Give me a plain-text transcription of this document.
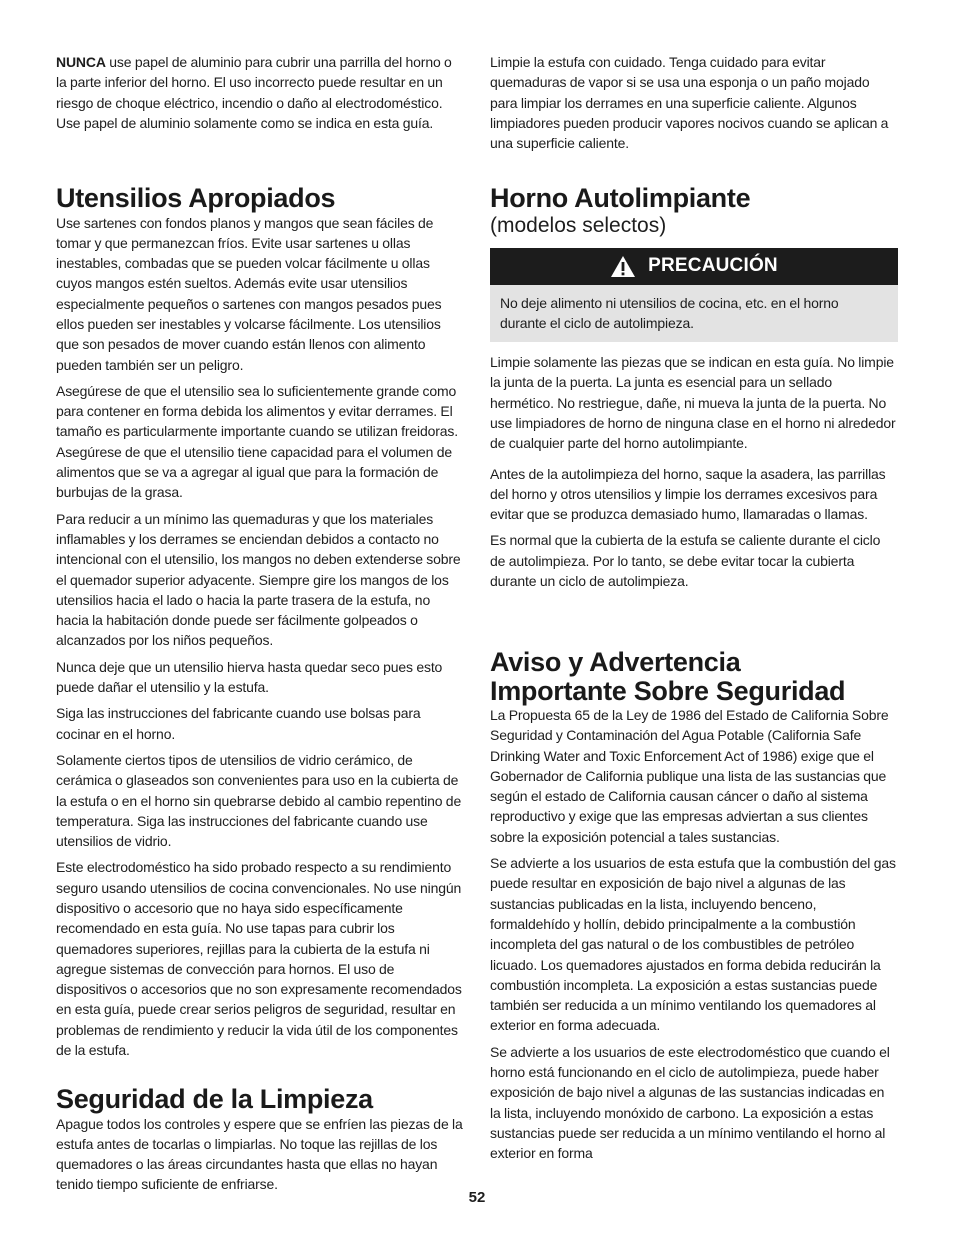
NUNCA use papel de aluminio para cubrir una parrilla del horno o la parte inferior del horno. El uso incorrecto puede resultar en un riesgo de choque eléctrico, incendio o daño al electrodoméstico. Use papel de aluminio solamente como se indica en esta guía.

Utensilios Apropiados

Use sartenes con fondos planos y mangos que sean fáciles de tomar y que permanezcan fríos. Evite usar sartenes u ollas inestables, combadas que se pueden volcar fácilmente u ollas cuyos mangos estén sueltos. Además evite usar utensilios especialmente pequeños o sartenes con mangos pesados pues ellos pueden ser inestables y volcarse fácilmente. Los utensilios que son pesados de mover cuando están llenos con alimento pueden también ser un peligro.

Asegúrese de que el utensilio sea lo suficientemente grande como para contener en forma debida los alimentos y evitar derrames. El tamaño es particularmente importante cuando se utilizan freidoras. Asegúrese de que el utensilio tiene capacidad para el volumen de alimentos que se va a agregar al igual que para la formación de burbujas de la grasa.

Para reducir a un mínimo las quemaduras y que los materiales inflamables y los derrames se enciendan debidos a contacto no intencional con el utensilio, los mangos no deben extenderse sobre el quemador superior adyacente. Siempre gire los mangos de los utensilios hacia el lado o hacia la parte trasera de la estufa, no hacia la habitación donde puede ser fácilmente golpeados o alcanzados por los niños pequeños.

Nunca deje que un utensilio hierva hasta quedar seco pues esto puede dañar el utensilio y la estufa.

Siga las instrucciones del fabricante cuando use bolsas para cocinar en el horno.

Solamente ciertos tipos de utensilios de vidrio cerámico, de cerámica o glaseados son convenientes para uso en la cubierta de la estufa o en el horno sin quebrarse debido al cambio repentino de temperatura. Siga las instrucciones del fabricante cuando use utensilios de vidrio.

Este electrodoméstico ha sido probado respecto a su rendimiento seguro usando utensilios de cocina convencionales. No use ningún dispositivo o accesorio que no haya sido específicamente recomendado en esta guía. No use tapas para cubrir los quemadores superiores, rejillas para la cubierta de la estufa ni agregue sistemas de convección para hornos. El uso de dispositivos o accesorios que no son expresamente recomendados en esta guía, puede crear serios peligros de seguridad, resultar en problemas de rendimiento y reducir la vida útil de los componentes de la estufa.

Seguridad de la Limpieza

Apague todos los controles y espere que se enfríen las piezas de la estufa antes de tocarlas o limpiarlas. No toque las rejillas de los quemadores o las áreas circundantes hasta que ellas no hayan tenido tiempo suficiente de enfriarse.

Limpie la estufa con cuidado. Tenga cuidado para evitar quemaduras de vapor si se usa una esponja o un paño mojado para limpiar los derrames en una superficie caliente. Algunos limpiadores pueden producir vapores nocivos cuando se aplican a una superficie caliente.

Horno Autolimpiante
(modelos selectos)
PRECAUCIÓN

No deje alimento ni utensilios de cocina, etc. en el horno durante el ciclo de autolimpieza.

Limpie solamente las piezas que se indican en esta guía. No limpie la junta de la puerta. La junta es esencial para un sellado hermético. No restriegue, dañe, ni mueva la junta de la puerta. No use limpiadores de horno de ninguna clase en el horno ni alrededor de cualquier parte del horno autolimpiante.

Antes de la autolimpieza del horno, saque la asadera, las parrillas del horno y otros utensilios y limpie los derrames excesivos para evitar que se produzca demasiado humo, llamaradas o llamas.

Es normal que la cubierta de la estufa se caliente durante el ciclo de autolimpieza. Por lo tanto, se debe evitar tocar la cubierta durante un ciclo de autolimpieza.

Aviso y Advertencia
Importante Sobre Seguridad

La Propuesta 65 de la Ley de 1986 del Estado de California Sobre Seguridad y Contaminación del Agua Potable (California Safe Drinking Water and Toxic Enforcement Act of 1986) exige que el Gobernador de California publique una lista de las sustancias que según el estado de California causan cáncer o daño al sistema reproductivo y exige que las empresas adviertan a sus clientes sobre la exposición potencial a tales sustancias.

Se advierte a los usuarios de esta estufa que la combustión del gas puede resultar en exposición de bajo nivel a algunas de las sustancias publicadas en la lista, incluyendo benceno, formaldehído y hollín, debido principalmente a la combustión incompleta del gas natural o de los combustibles de petróleo licuado. Los quemadores ajustados en forma debida reducirán la combustión incompleta. La exposición a estas sustancias puede también ser reducida a un mínimo ventilando los quemadores al exterior en forma adecuada.

Se advierte a los usuarios de este electrodoméstico que cuando el horno está funcionando en el ciclo de autolimpieza, puede haber exposición de bajo nivel a algunas de las sustancias indicadas en la lista, incluyendo monóxido de carbono. La exposición a estas sustancias puede ser reducida a un mínimo ventilando el horno al exterior en forma

52
